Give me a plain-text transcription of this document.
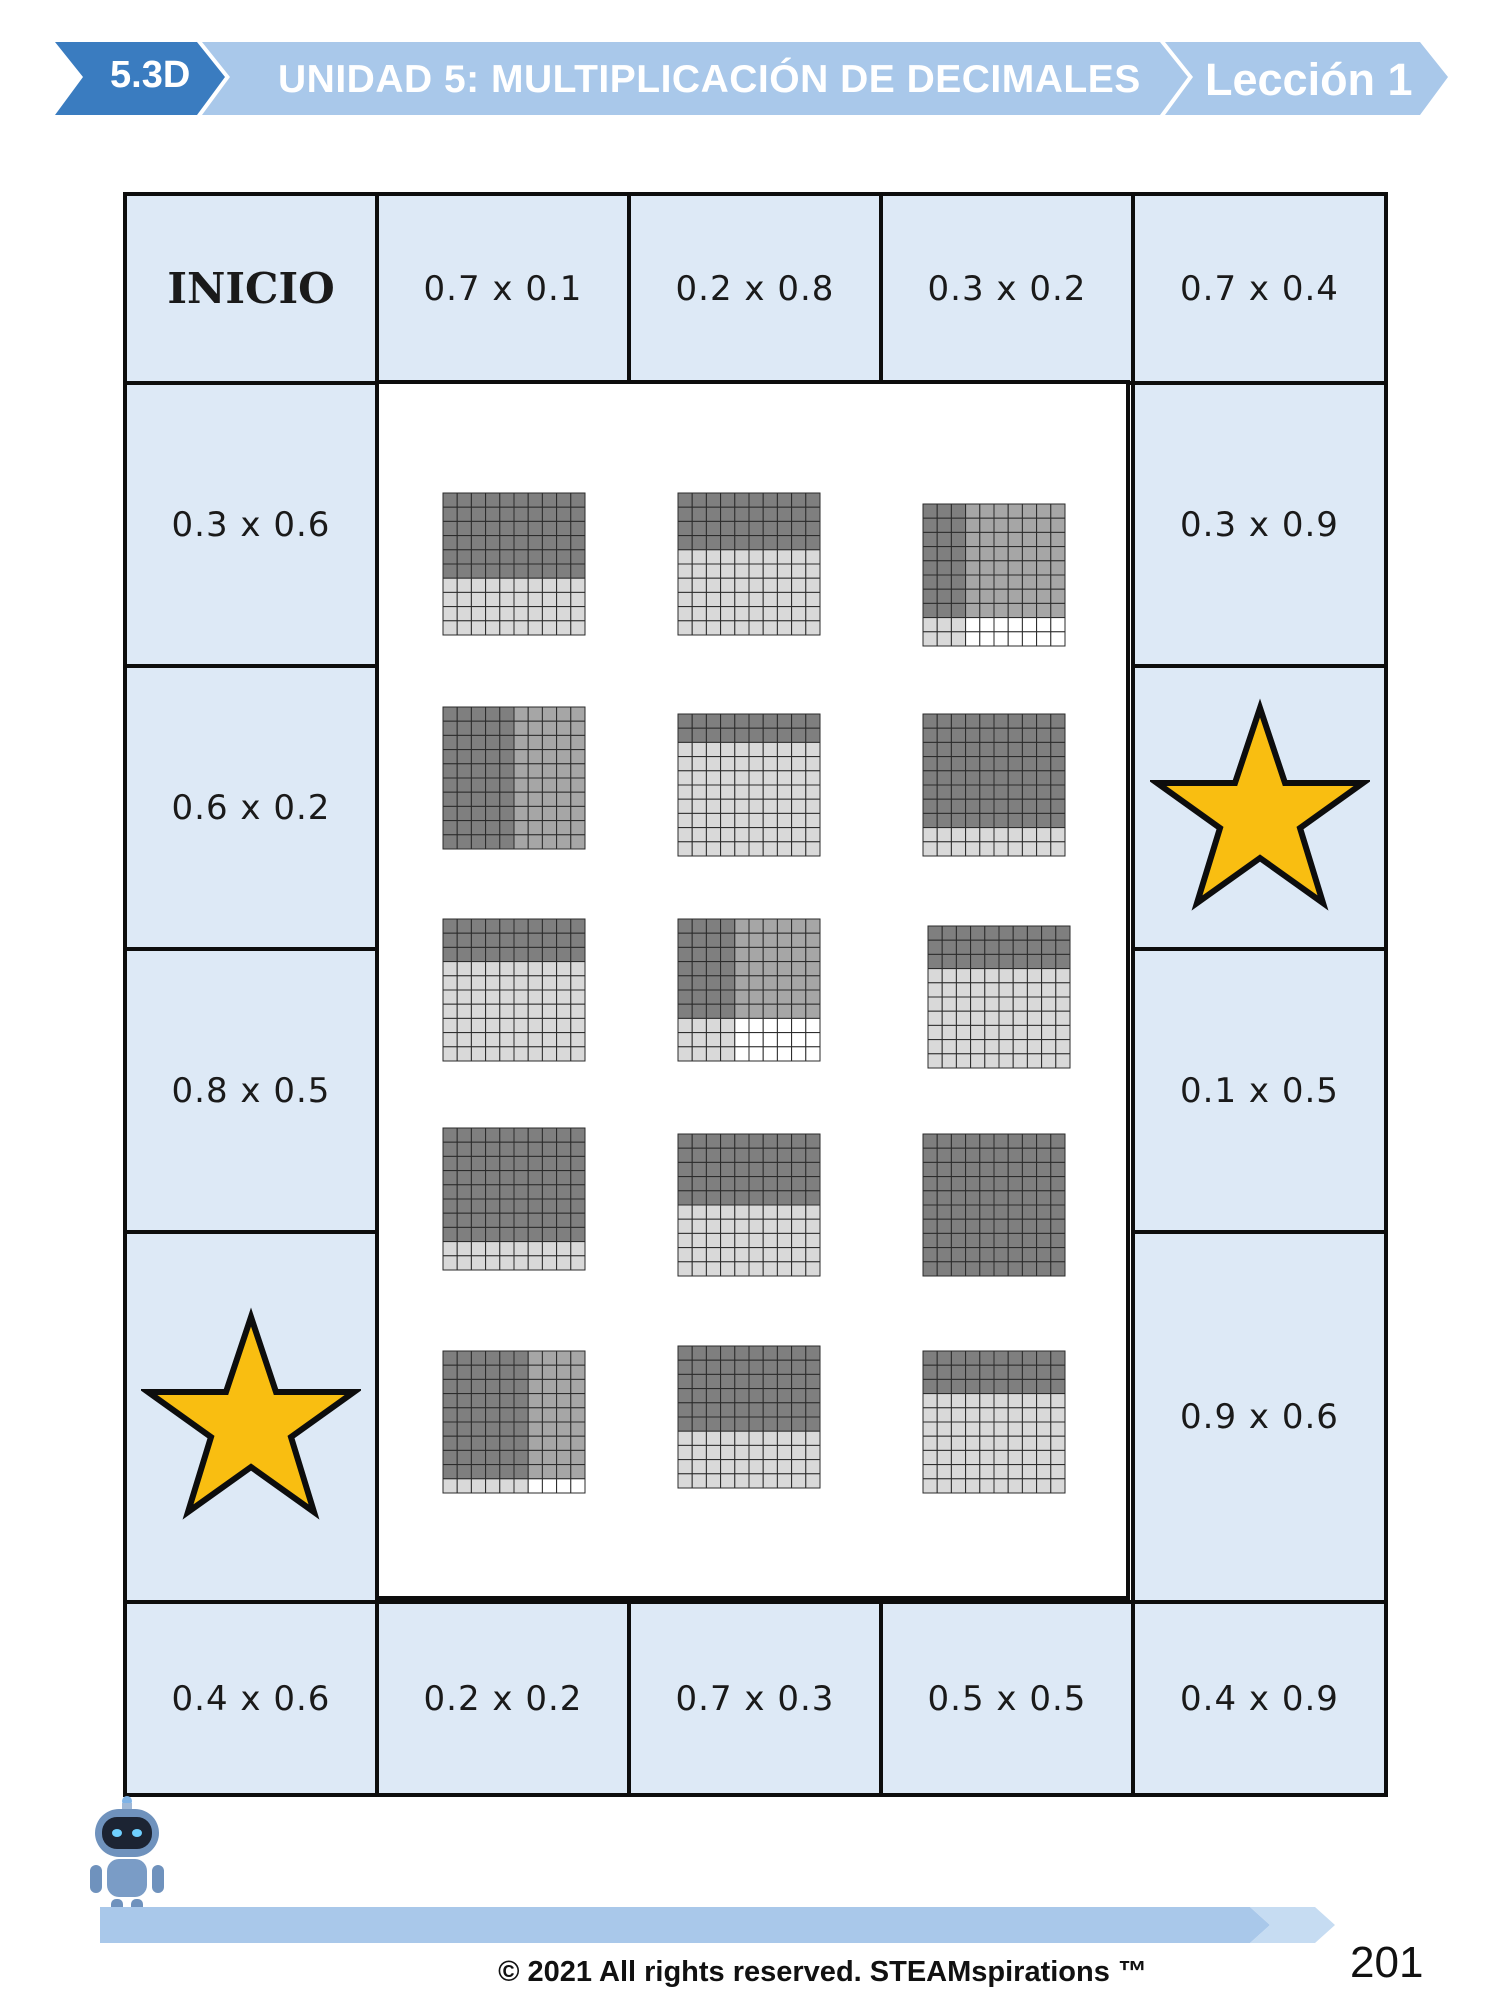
5.3D UNIDAD 5: MULTIPLICACIÓN DE DECIMALES Lección 1
INICIO	0.7 x 0.1	0.2 x 0.8	0.3 x 0.2	0.7 x 0.4
0.3 x 0.6
0.6 x 0.2
0.8 x 0.5
0.3 x 0.9
0.1 x 0.5
0.9 x 0.6
0.4 x 0.6	0.2 x 0.2	0.7 x 0.3	0.5 x 0.5	0.4 x 0.9
© 2021 All rights reserved. STEAMspirations ™	201
